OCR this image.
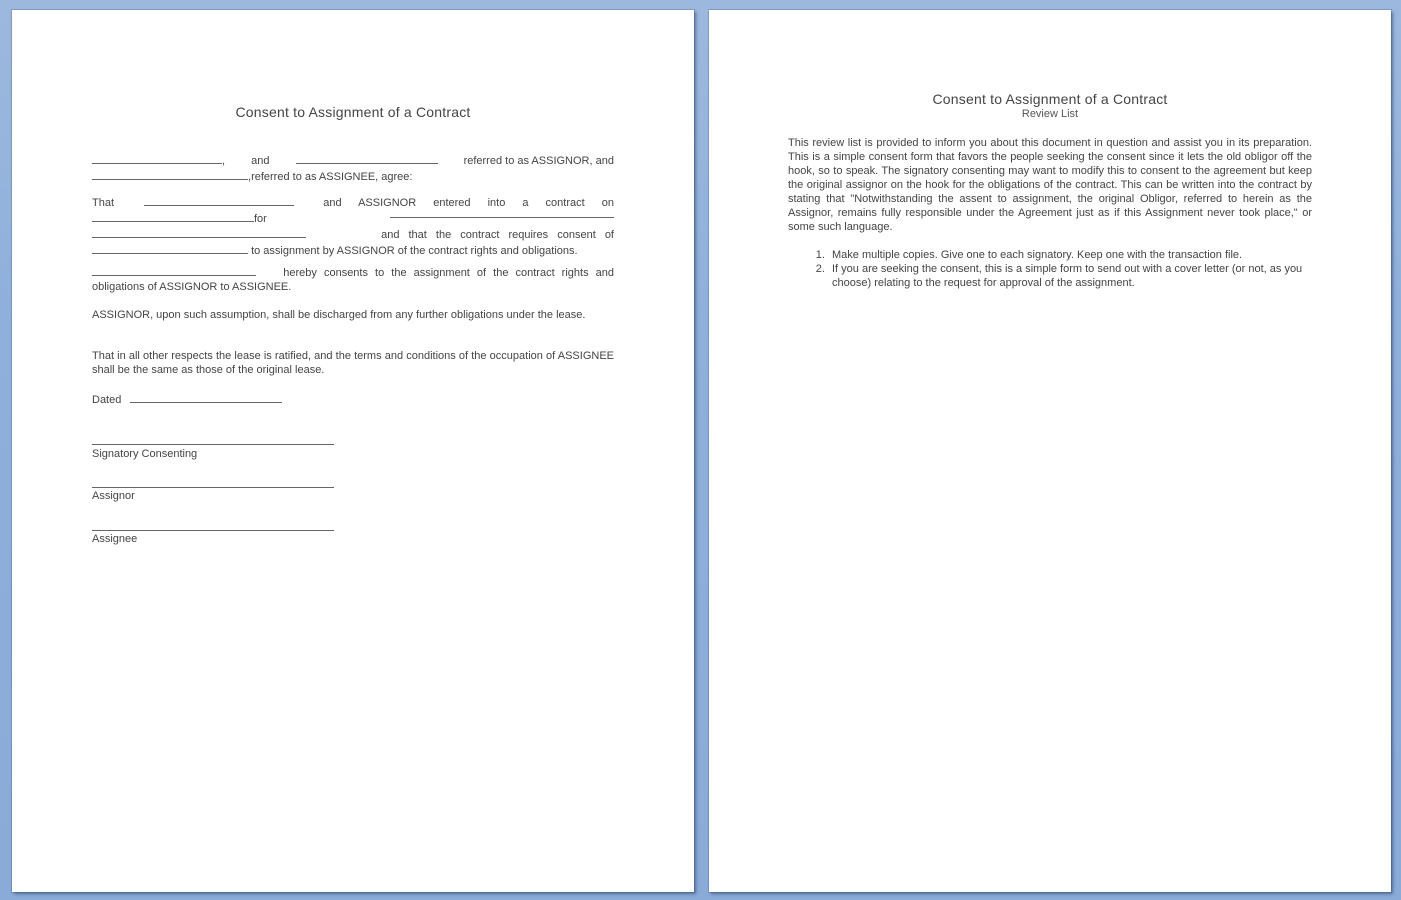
Consent to Assignment of a Contract
, and	referred to as ASSIGNOR, and
,referred to as ASSIGNEE, agree:
That	and ASSIGNOR entered into a contract on
for
and that the contract requires consent of
to assignment by ASSIGNOR of the contract rights and obligations.
hereby consents to the assignment of the contract rights and
obligations of ASSIGNOR to ASSIGNEE.
ASSIGNOR, upon such assumption, shall be discharged from any further obligations under the lease.
That in all other respects the lease is ratified, and the terms and conditions of the occupation of ASSIGNEE shall be the same as those of the original lease.
Dated
Signatory Consenting
Assignor
Assignee
Consent to Assignment of a Contract
Review List
This review list is provided to inform you about this document in question and assist you in its preparation. This is a simple consent form that favors the people seeking the consent since it lets the old obligor off the hook, so to speak. The signatory consenting may want to modify this to consent to the agreement but keep the original assignor on the hook for the obligations of the contract. This can be written into the contract by stating that "Notwithstanding the assent to assignment, the original Obligor, referred to herein as the Assignor, remains fully responsible under the Agreement just as if this Assignment never took place," or some such language.
1. Make multiple copies. Give one to each signatory. Keep one with the transaction file.
2. If you are seeking the consent, this is a simple form to send out with a cover letter (or not, as you choose) relating to the request for approval of the assignment.
